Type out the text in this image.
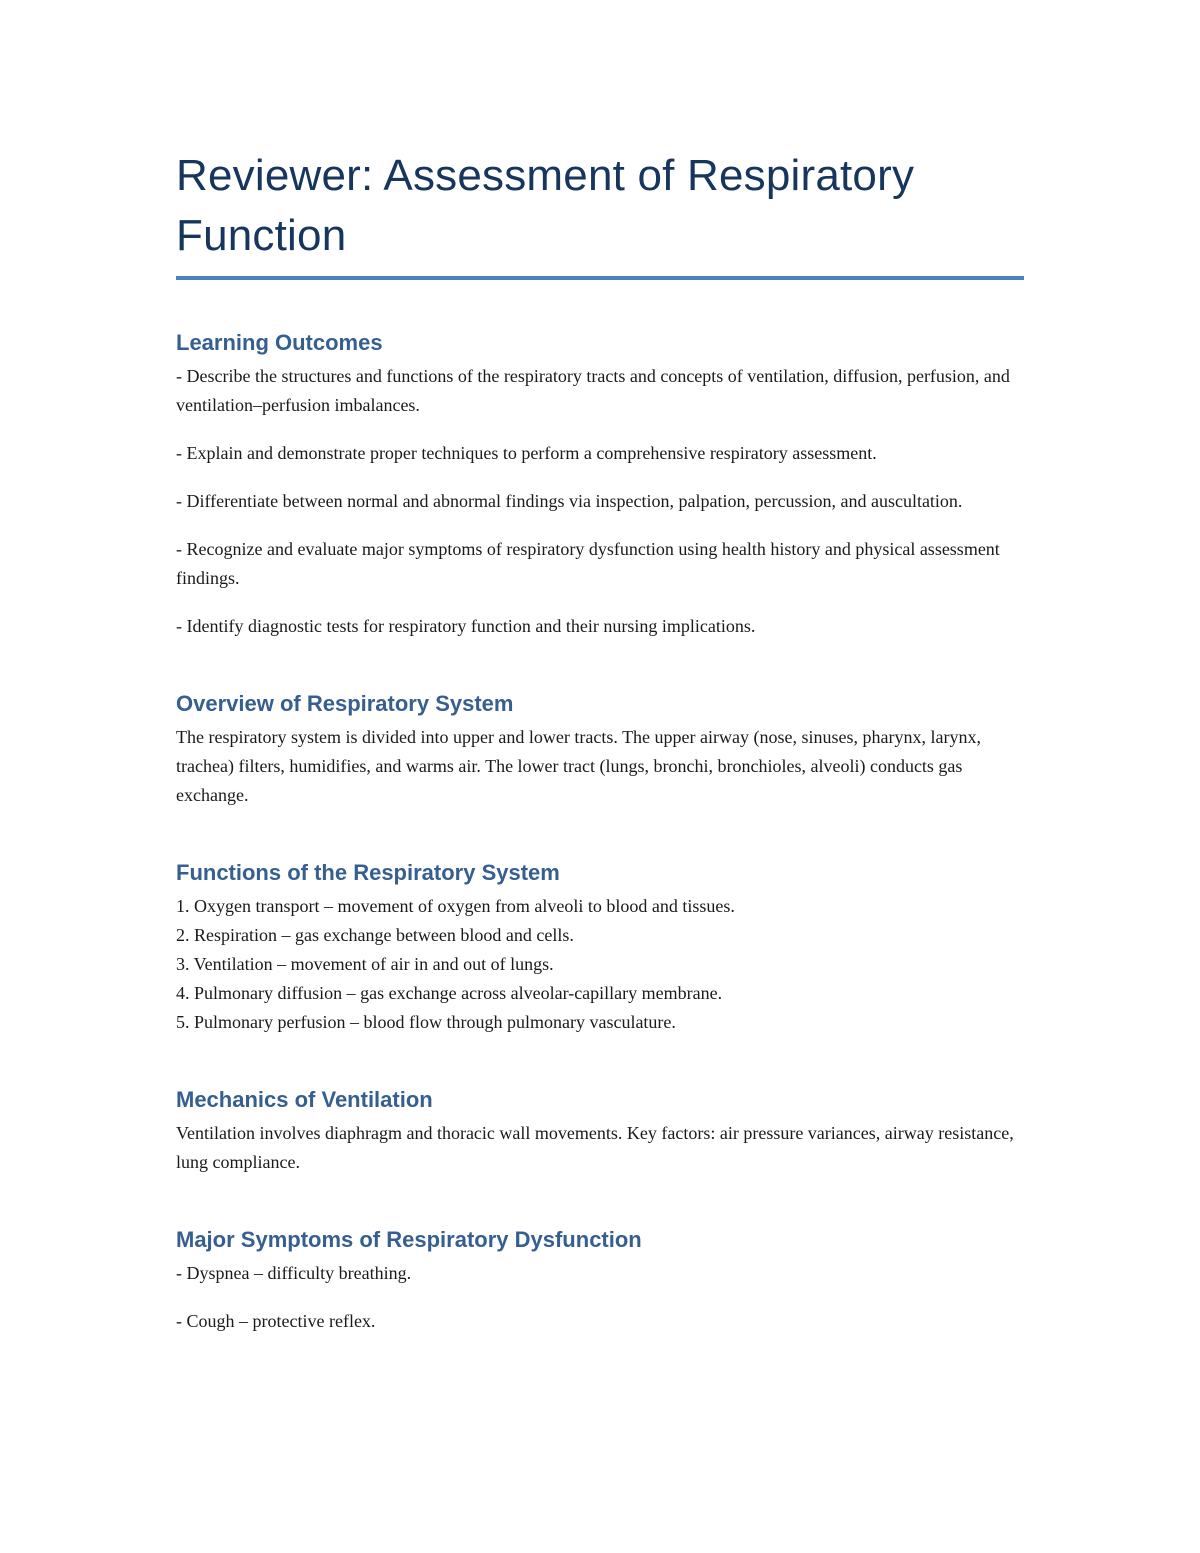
Reviewer: Assessment of Respiratory
Function
Learning Outcomes

- Describe the structures and functions of the respiratory tracts and concepts of ventilation, diffusion, perfusion, and ventilation–perfusion imbalances.

- Explain and demonstrate proper techniques to perform a comprehensive respiratory assessment.

- Differentiate between normal and abnormal findings via inspection, palpation, percussion, and auscultation.

- Recognize and evaluate major symptoms of respiratory dysfunction using health history and physical assessment findings.

- Identify diagnostic tests for respiratory function and their nursing implications.

Overview of Respiratory System

The respiratory system is divided into upper and lower tracts. The upper airway (nose, sinuses, pharynx, larynx, trachea) filters, humidifies, and warms air. The lower tract (lungs, bronchi, bronchioles, alveoli) conducts gas exchange.

Functions of the Respiratory System

1. Oxygen transport – movement of oxygen from alveoli to blood and tissues.

2. Respiration – gas exchange between blood and cells.

3. Ventilation – movement of air in and out of lungs.

4. Pulmonary diffusion – gas exchange across alveolar-capillary membrane.

5. Pulmonary perfusion – blood flow through pulmonary vasculature.

Mechanics of Ventilation

Ventilation involves diaphragm and thoracic wall movements. Key factors: air pressure variances, airway resistance, lung compliance.

Major Symptoms of Respiratory Dysfunction

- Dyspnea – difficulty breathing.

- Cough – protective reflex.
